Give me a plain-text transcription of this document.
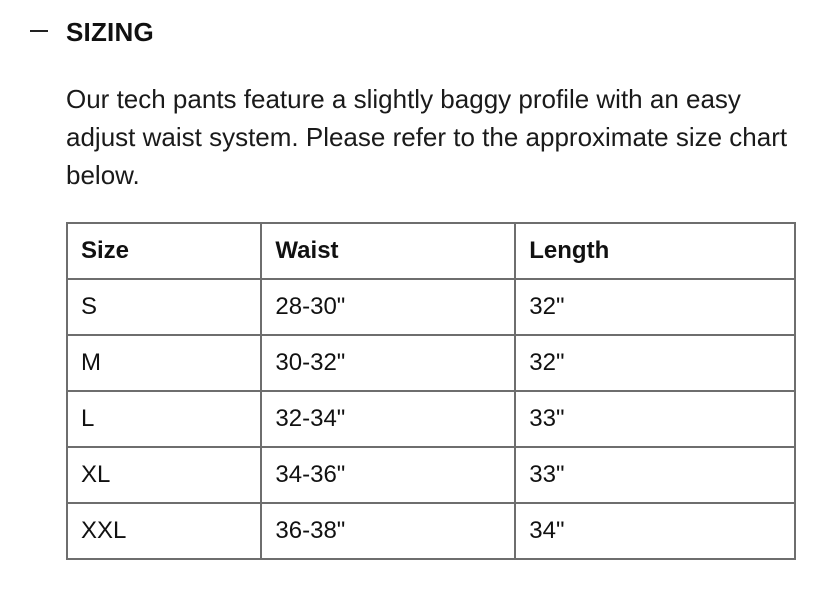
SIZING

Our tech pants feature a slightly baggy profile with an easy adjust waist system. Please refer to the approximate size chart below.

Size	Waist	Length
S	28-30"	32"
M	30-32"	32"
L	32-34"	33"
XL	34-36"	33"
XXL	36-38"	34"
